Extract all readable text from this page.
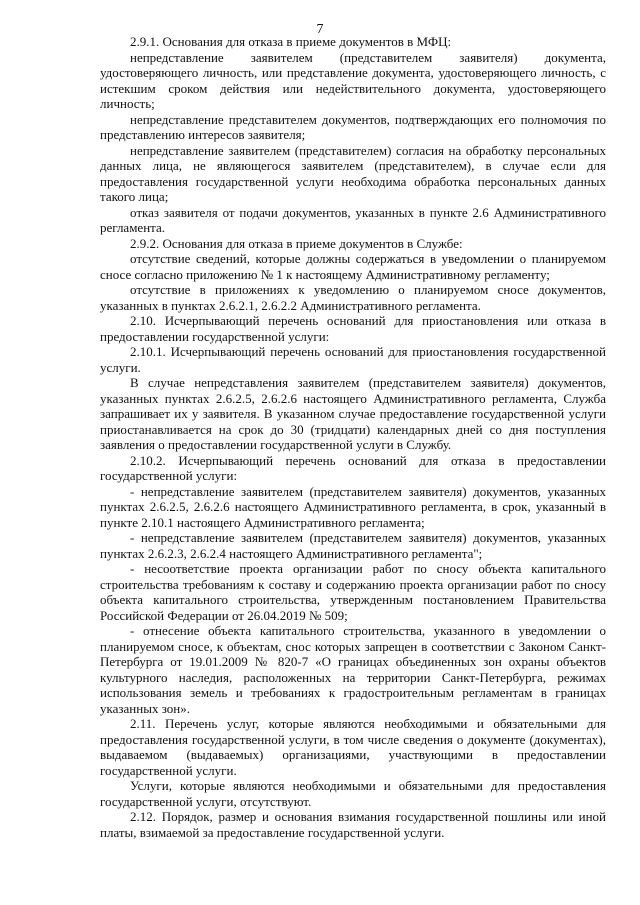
7

2.9.1. Основания для отказа в приеме документов в МФЦ:

непредставление заявителем (представителем заявителя) документа, удостоверяющего личность, или представление документа, удостоверяющего личность, с истекшим сроком действия или недействительного документа, удостоверяющего личность;

непредставление представителем документов, подтверждающих его полномочия по представлению интересов заявителя;

непредставление заявителем (представителем) согласия на обработку персональных данных лица, не являющегося заявителем (представителем), в случае если для предоставления государственной услуги необходима обработка персональных данных такого лица;

отказ заявителя от подачи документов, указанных в пункте 2.6 Административного регламента.

2.9.2. Основания для отказа в приеме документов в Службе:

отсутствие сведений, которые должны содержаться в уведомлении о планируемом сносе согласно приложению № 1 к настоящему Административному регламенту;

отсутствие в приложениях к уведомлению о планируемом сносе документов, указанных в пунктах 2.6.2.1, 2.6.2.2 Административного регламента.

2.10. Исчерпывающий перечень оснований для приостановления или отказа в предоставлении государственной услуги:

2.10.1. Исчерпывающий перечень оснований для приостановления государственной услуги.

В случае непредставления заявителем (представителем заявителя) документов, указанных пунктах 2.6.2.5, 2.6.2.6 настоящего Административного регламента, Служба запрашивает их у заявителя. В указанном случае предоставление государственной услуги приостанавливается на срок до 30 (тридцати) календарных дней со дня поступления заявления о предоставлении государственной услуги в Службу.

2.10.2. Исчерпывающий перечень оснований для отказа в предоставлении государственной услуги:

- непредставление заявителем (представителем заявителя) документов, указанных пунктах 2.6.2.5, 2.6.2.6 настоящего Административного регламента, в срок, указанный в пункте 2.10.1 настоящего Административного регламента;

- непредставление заявителем (представителем заявителя) документов, указанных пунктах 2.6.2.3, 2.6.2.4 настоящего Административного регламента";

- несоответствие проекта организации работ по сносу объекта капитального строительства требованиям к составу и содержанию проекта организации работ по сносу объекта капитального строительства, утвержденным постановлением Правительства Российской Федерации от 26.04.2019 № 509;

- отнесение объекта капитального строительства, указанного в уведомлении о планируемом сносе, к объектам, снос которых запрещен в соответствии с Законом Санкт-Петербурга от 19.01.2009 № 820-7 «О границах объединенных зон охраны объектов культурного наследия, расположенных на территории Санкт-Петербурга, режимах использования земель и требованиях к градостроительным регламентам в границах указанных зон».

2.11. Перечень услуг, которые являются необходимыми и обязательными для предоставления государственной услуги, в том числе сведения о документе (документах), выдаваемом (выдаваемых) организациями, участвующими в предоставлении государственной услуги.

Услуги, которые являются необходимыми и обязательными для предоставления государственной услуги, отсутствуют.

2.12. Порядок, размер и основания взимания государственной пошлины или иной платы, взимаемой за предоставление государственной услуги.
